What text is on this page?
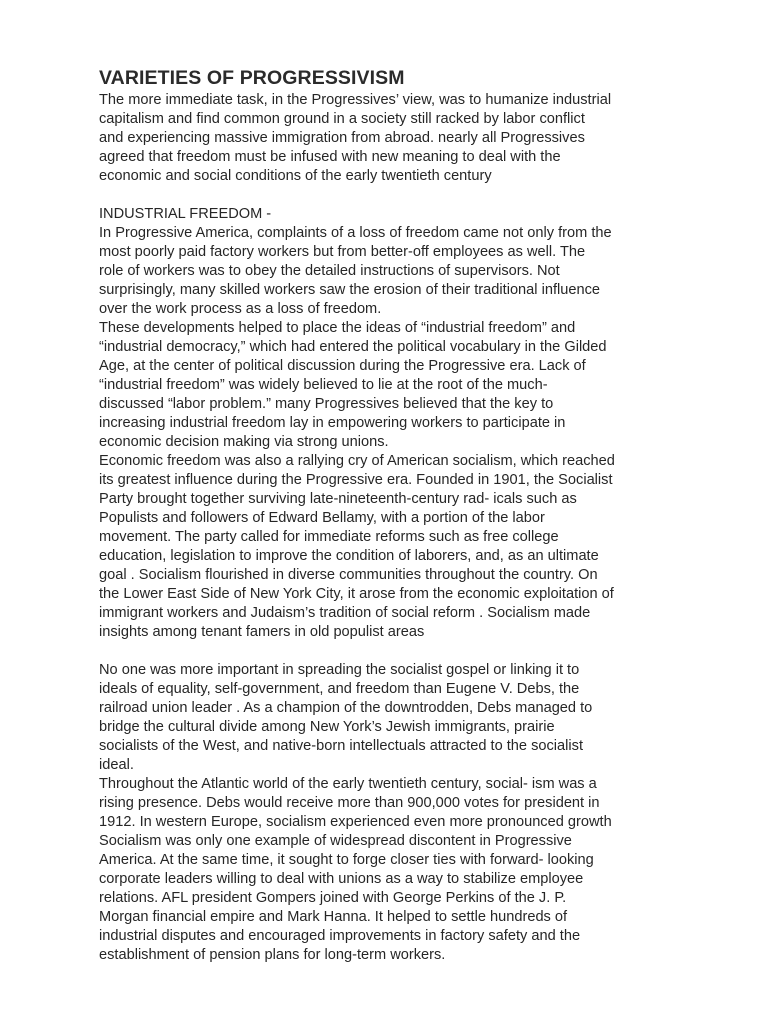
VARIETIES OF PROGRESSIVISM

The more immediate task, in the Progressives’ view, was to humanize industrial
capitalism and find common ground in a society still racked by labor conflict
and experiencing massive immigration from abroad. nearly all Progressives
agreed that freedom must be infused with new meaning to deal with the
economic and social conditions of the early twentieth century

INDUSTRIAL FREEDOM -
In Progressive America, complaints of a loss of freedom came not only from the
most poorly paid factory workers but from better-off employees as well. The
role of workers was to obey the detailed instructions of supervisors. Not
surprisingly, many skilled workers saw the erosion of their traditional influence
over the work process as a loss of freedom.
These developments helped to place the ideas of “industrial freedom” and
“industrial democracy,” which had entered the political vocabulary in the Gilded
Age, at the center of political discussion during the Progressive era. Lack of
“industrial freedom” was widely believed to lie at the root of the much-
discussed “labor problem.” many Progressives believed that the key to
increasing industrial freedom lay in empowering workers to participate in
economic decision making via strong unions.
Economic freedom was also a rallying cry of American socialism, which reached
its greatest influence during the Progressive era. Founded in 1901, the Socialist
Party brought together surviving late-nineteenth-century rad- icals such as
Populists and followers of Edward Bellamy, with a portion of the labor
movement. The party called for immediate reforms such as free college
education, legislation to improve the condition of laborers, and, as an ultimate
goal . Socialism flourished in diverse communities throughout the country. On
the Lower East Side of New York City, it arose from the economic exploitation of
immigrant workers and Judaism’s tradition of social reform . Socialism made
insights among tenant famers in old populist areas

No one was more important in spreading the socialist gospel or linking it to
ideals of equality, self-government, and freedom than Eugene V. Debs, the
railroad union leader . As a champion of the downtrodden, Debs managed to
bridge the cultural divide among New York’s Jewish immigrants, prairie
socialists of the West, and native-born intellectuals attracted to the socialist
ideal.
Throughout the Atlantic world of the early twentieth century, social- ism was a
rising presence. Debs would receive more than 900,000 votes for president in
1912. In western Europe, socialism experienced even more pronounced growth
Socialism was only one example of widespread discontent in Progressive
America. At the same time, it sought to forge closer ties with forward- looking
corporate leaders willing to deal with unions as a way to stabilize employee
relations. AFL president Gompers joined with George Perkins of the J. P.
Morgan financial empire and Mark Hanna. It helped to settle hundreds of
industrial disputes and encouraged improvements in factory safety and the
establishment of pension plans for long-term workers.
